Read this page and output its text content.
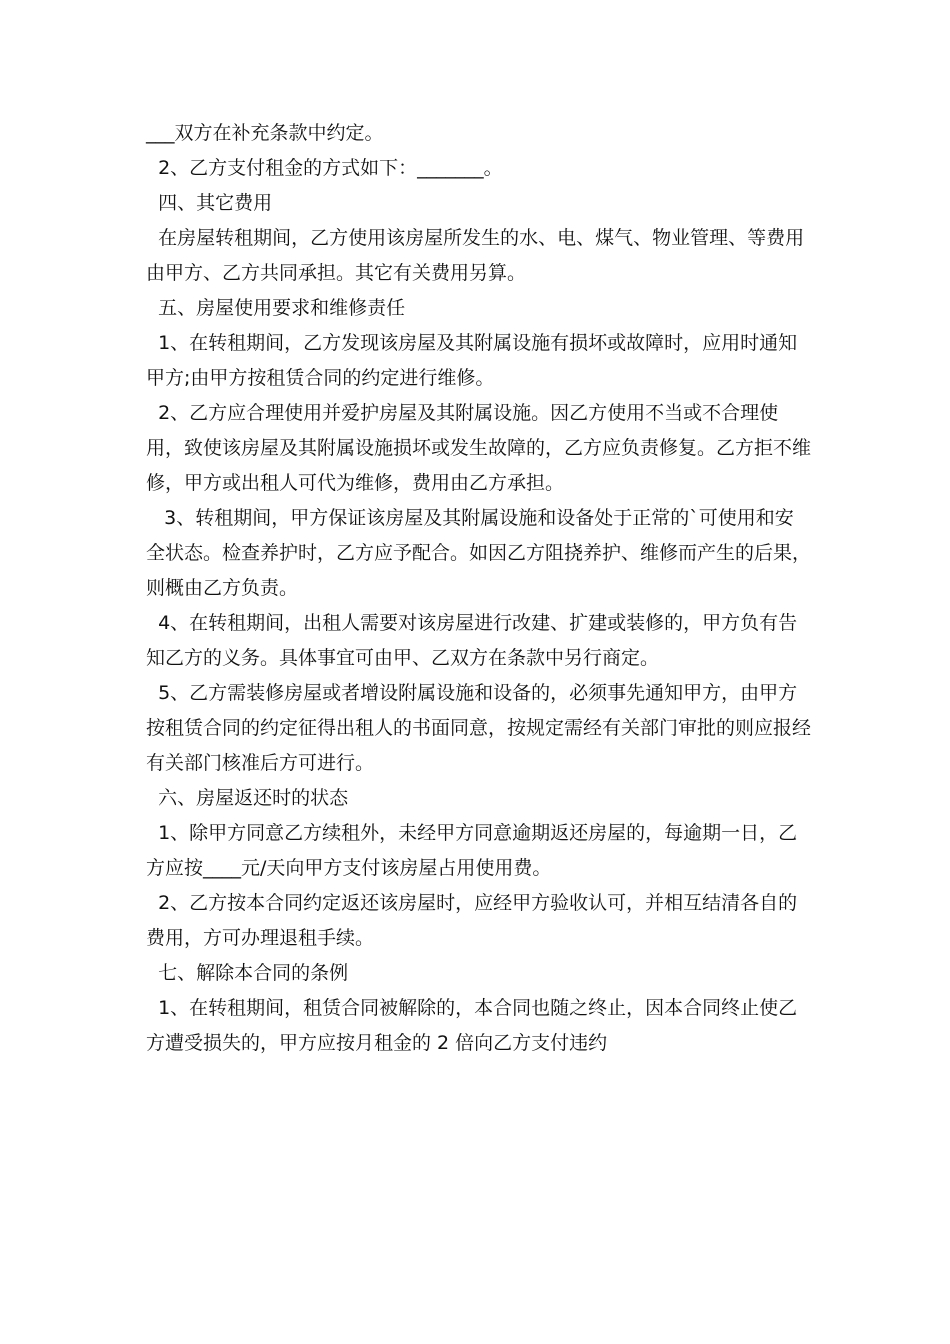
___双方在补充条款中约定。

2、乙方支付租金的方式如下：_______。

四、其它费用

在房屋转租期间，乙方使用该房屋所发生的水、电、煤气、物业管理、等费用由甲方、乙方共同承担。其它有关费用另算。

五、房屋使用要求和维修责任

1、在转租期间，乙方发现该房屋及其附属设施有损坏或故障时，应用时通知甲方;由甲方按租赁合同的约定进行维修。

2、乙方应合理使用并爱护房屋及其附属设施。因乙方使用不当或不合理使用，致使该房屋及其附属设施损坏或发生故障的，乙方应负责修复。乙方拒不维修，甲方或出租人可代为维修，费用由乙方承担。

3、转租期间，甲方保证该房屋及其附属设施和设备处于正常的`可使用和安全状态。检查养护时，乙方应予配合。如因乙方阻挠养护、维修而产生的后果，则概由乙方负责。

4、在转租期间，出租人需要对该房屋进行改建、扩建或装修的，甲方负有告知乙方的义务。具体事宜可由甲、乙双方在条款中另行商定。

5、乙方需装修房屋或者增设附属设施和设备的，必须事先通知甲方，由甲方按租赁合同的约定征得出租人的书面同意，按规定需经有关部门审批的则应报经有关部门核准后方可进行。

六、房屋返还时的状态

1、除甲方同意乙方续租外，未经甲方同意逾期返还房屋的，每逾期一日，乙方应按____元/天向甲方支付该房屋占用使用费。

2、乙方按本合同约定返还该房屋时，应经甲方验收认可，并相互结清各自的费用，方可办理退租手续。

七、解除本合同的条例

1、在转租期间，租赁合同被解除的，本合同也随之终止，因本合同终止使乙方遭受损失的，甲方应按月租金的 2 倍向乙方支付违约
